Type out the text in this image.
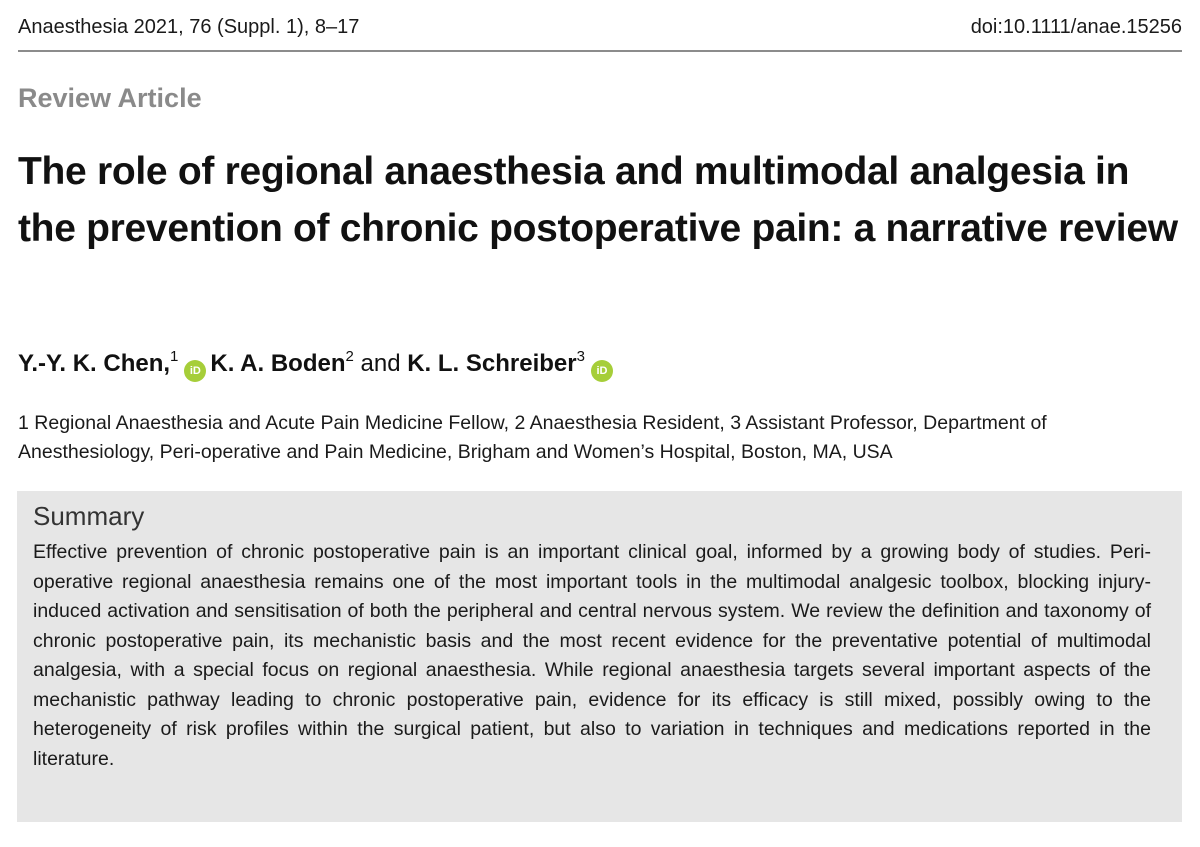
Anaesthesia 2021, 76 (Suppl. 1), 8–17	doi:10.1111/anae.15256
Review Article
The role of regional anaesthesia and multimodal analgesia in the prevention of chronic postoperative pain: a narrative review
Y.-Y. K. Chen,$^1$iD K. A. Boden$^2$ and K. L. Schreiber$^3$iD
1 Regional Anaesthesia and Acute Pain Medicine Fellow, 2 Anaesthesia Resident, 3 Assistant Professor, Department of Anesthesiology, Peri-operative and Pain Medicine, Brigham and Women’s Hospital, Boston, MA, USA
Summary
Effective prevention of chronic postoperative pain is an important clinical goal, informed by a growing body of studies. Peri-operative regional anaesthesia remains one of the most important tools in the multimodal analgesic toolbox, blocking injury-induced activation and sensitisation of both the peripheral and central nervous system. We review the definition and taxonomy of chronic postoperative pain, its mechanistic basis and the most recent evidence for the preventative potential of multimodal analgesia, with a special focus on regional anaesthesia. While regional anaesthesia targets several important aspects of the mechanistic pathway leading to chronic postoperative pain, evidence for its efficacy is still mixed, possibly owing to the heterogeneity of risk profiles within the surgical patient, but also to variation in techniques and medications reported in the literature.
